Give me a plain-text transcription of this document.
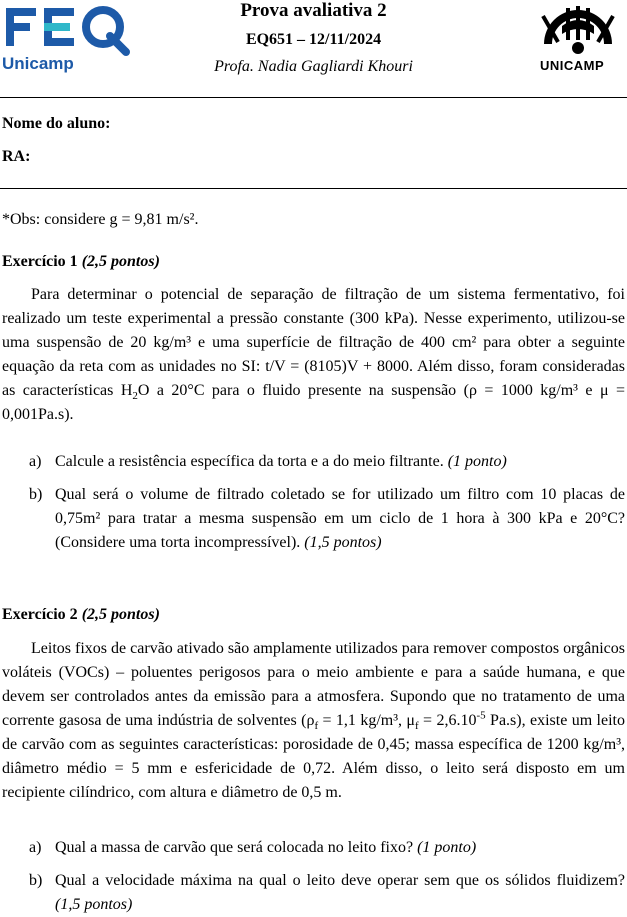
Unicamp
Prova avaliativa 2
EQ651 – 12/11/2024
Profa. Nadia Gagliardi Khouri	UNICAMP
Nome do aluno:
RA:
*Obs: considere g = 9,81 m/s².
Exercício 1 (2,5 pontos)
Para determinar o potencial de separação de filtração de um sistema fermentativo, foi realizado um teste experimental a pressão constante (300 kPa). Nesse experimento, utilizou-se uma suspensão de 20 kg/m³ e uma superfície de filtração de 400 cm² para obter a seguinte equação da reta com as unidades no SI: t/V = (8105)V + 8000. Além disso, foram consideradas as características $H_2O$ a 20°C para o fluido presente na suspensão (ρ = 1000 kg/m³ e μ = 0,001Pa.s).
a) Calcule a resistência específica da torta e a do meio filtrante. (1 ponto)
b) Qual será o volume de filtrado coletado se for utilizado um filtro com 10 placas de 0,75m² para tratar a mesma suspensão em um ciclo de 1 hora à 300 kPa e 20°C? (Considere uma torta incompressível). (1,5 pontos)
Exercício 2 (2,5 pontos)
Leitos fixos de carvão ativado são amplamente utilizados para remover compostos orgânicos voláteis (VOCs) – poluentes perigosos para o meio ambiente e para a saúde humana, e que devem ser controlados antes da emissão para a atmosfera. Supondo que no tratamento de uma corrente gasosa de uma indústria de solventes ($\rho_f = 1,1$ kg/m³, $\mu_f = 2,6.10^{-5}$ Pa.s), existe um leito de carvão com as seguintes características: porosidade de 0,45; massa específica de 1200 kg/m³, diâmetro médio = 5 mm e esfericidade de 0,72. Além disso, o leito será disposto em um recipiente cilíndrico, com altura e diâmetro de 0,5 m.
a) Qual a massa de carvão que será colocada no leito fixo? (1 ponto)
b) Qual a velocidade máxima na qual o leito deve operar sem que os sólidos fluidizem? (1,5 pontos)
